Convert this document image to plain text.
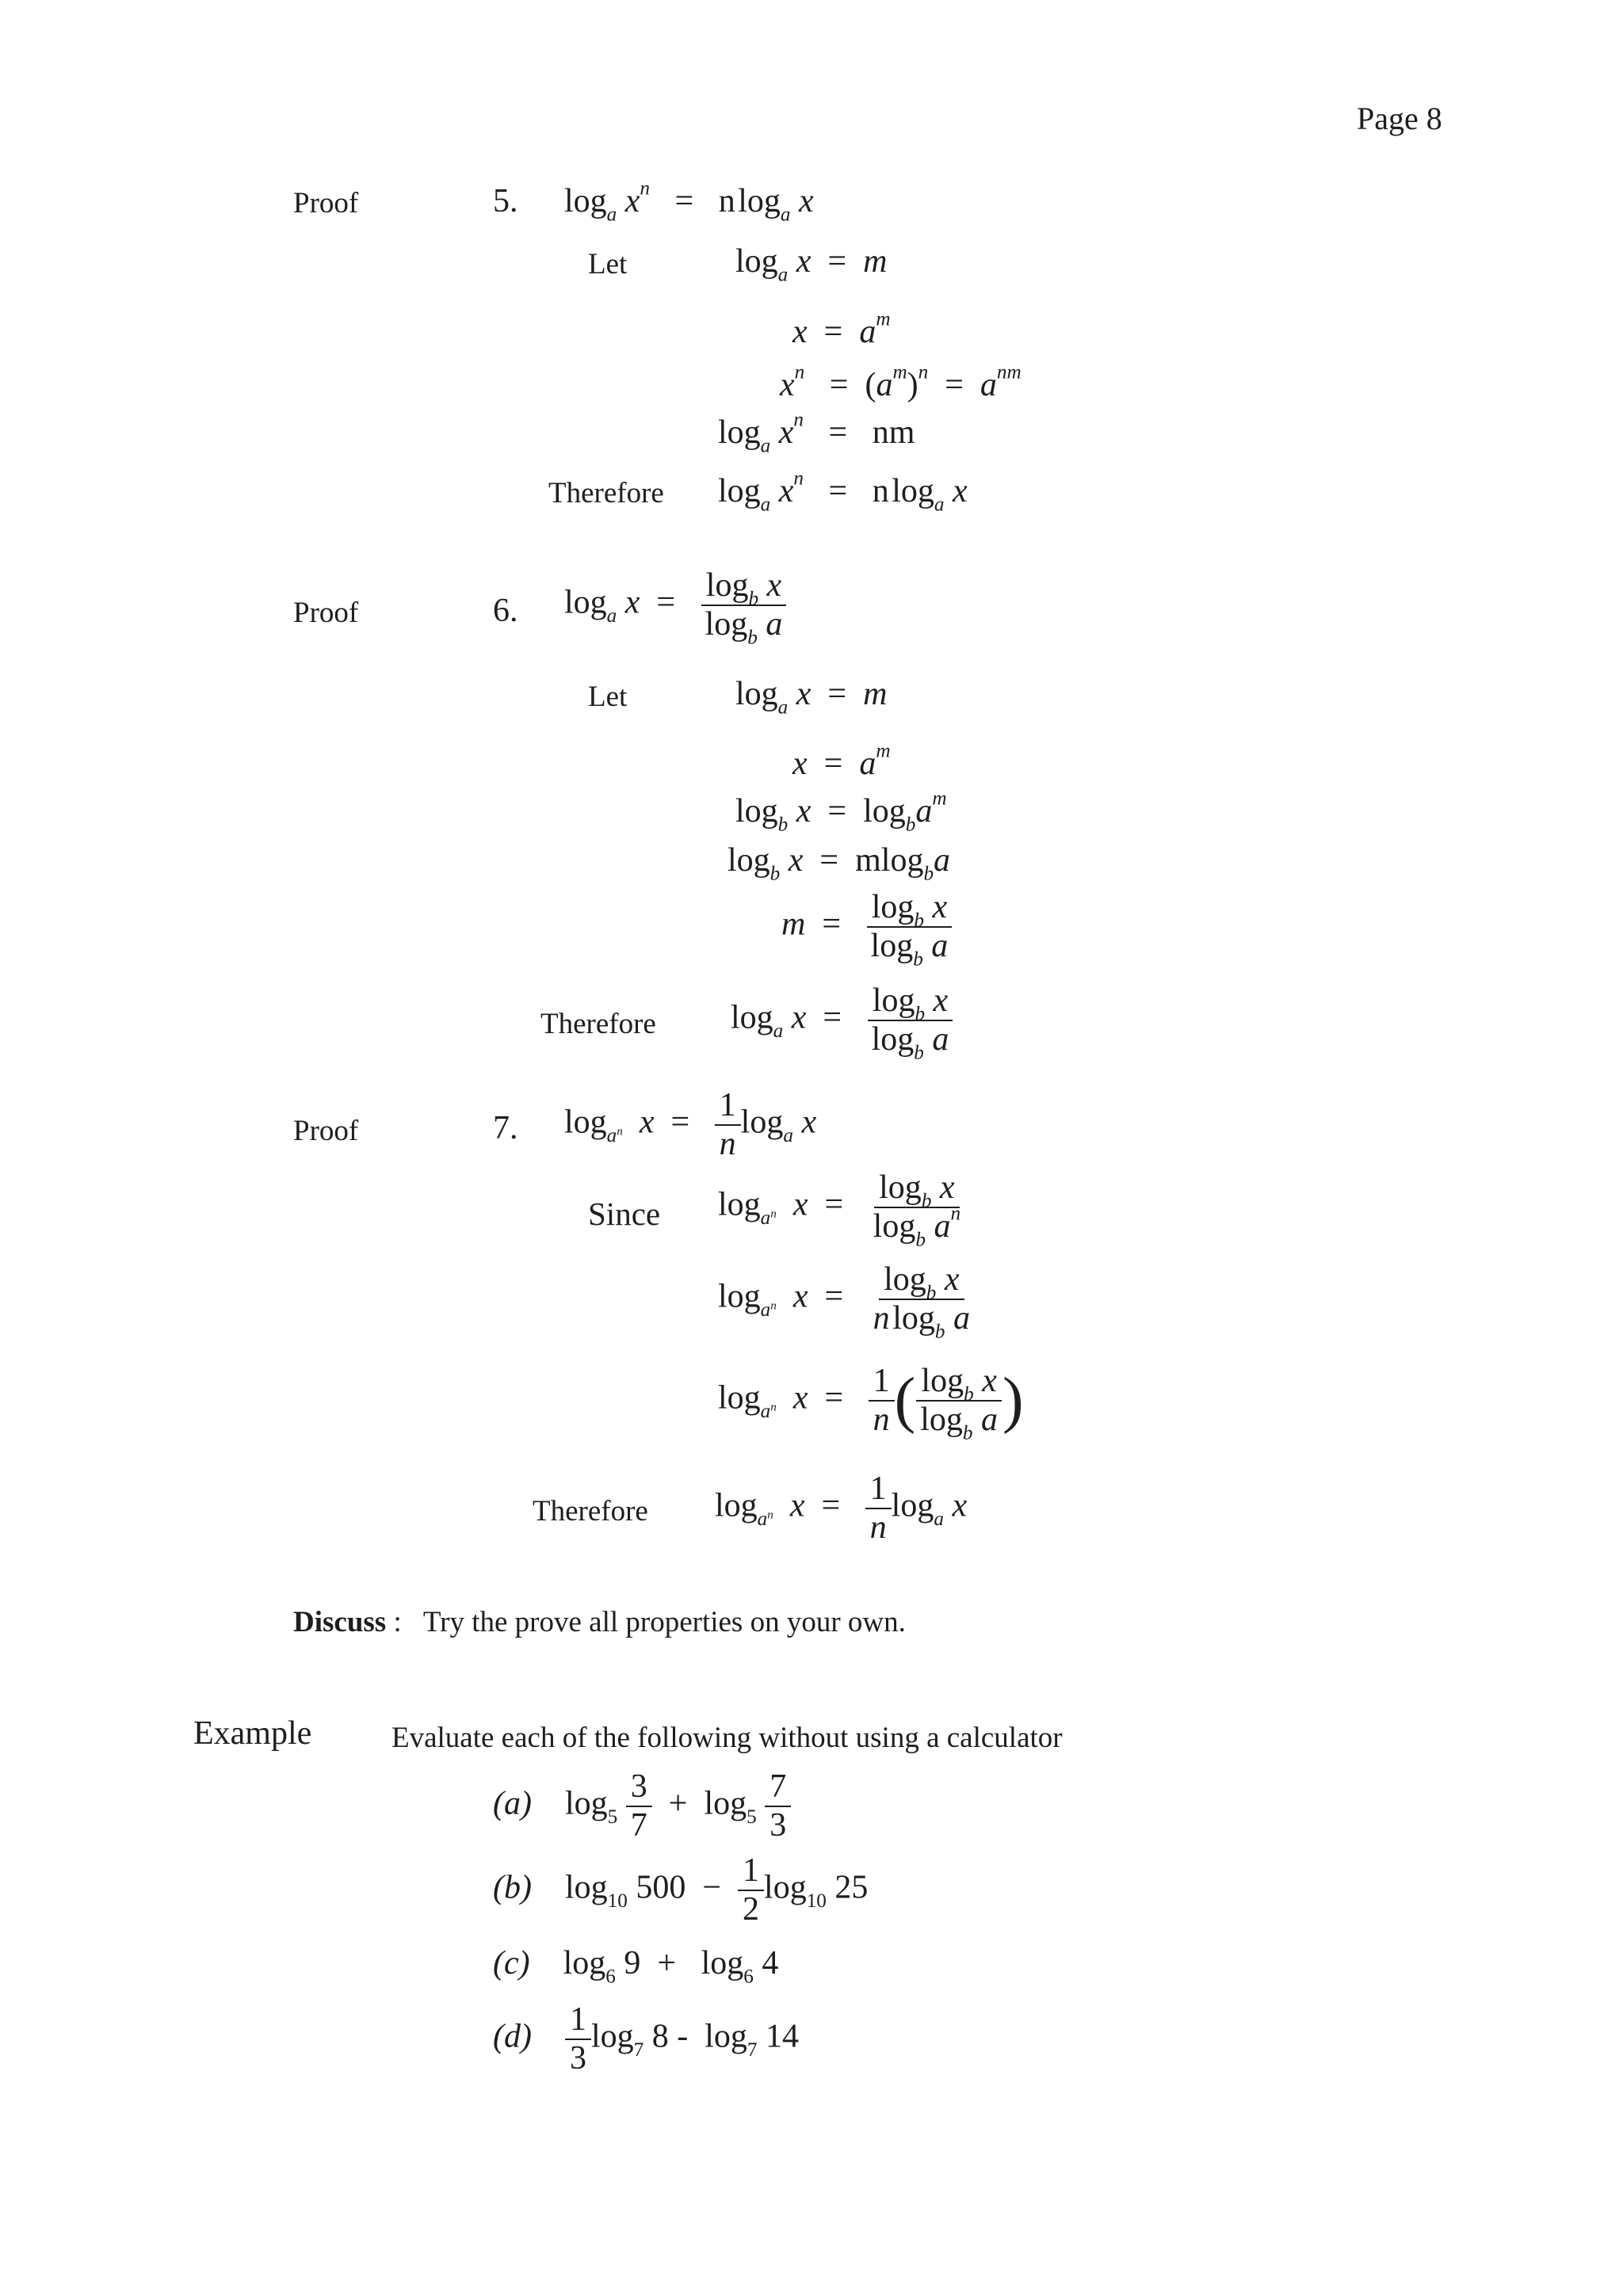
Page 8
Proof	5. $\log_a x^n = n$ $\log_a x$
Let	$\log_a x = m$
$x = a^m$
$x^n = (a^m)^n = a^{nm}$
$\log_a x^n$ = nm
Therefore $\log_a x^n = n$ $\log_a x$
Proof	6. $\log_a x = \frac{\log_b x}{\log_b a}$
Let	$\log_a x = m$
$x = a^m$
$\log_b x = \log_ba^m$
$\log_b x = mlog_ba$
$m = \frac{\log_b x}{\log_b a}$
Therefore $\log_a x = \frac{\log_b x}{\log_b a}$
Proof	7. $\log_{a^n} x = \frac{1}{n} \log_a x$
Since $\log_{a^n} x = \frac{\log_b x}{\log_b a^n}$
$\log_{a^n} x = \frac{\log_b x}{n \log_b a}$
$\log_{a^n} x = \frac{1}{n}$ ( $\frac{\log_b x}{\log_b a}$ )
Therefore $\log_{a^n} x = \frac{1}{n} \log_a x$
Discuss : Try the prove all properties on your own.
Example	Evaluate each of the following without using a calculator
(a) $\log_5 \frac{3}{7} + \log_5 \frac{7}{3}$
(b) $\log_{10} 500 - \frac{1}{2} \log_{10} 25$
(c) $\log_6 9 + \log_6 4$
$(d) \frac{1}{3} \log_7 8 - \log_7 14$
